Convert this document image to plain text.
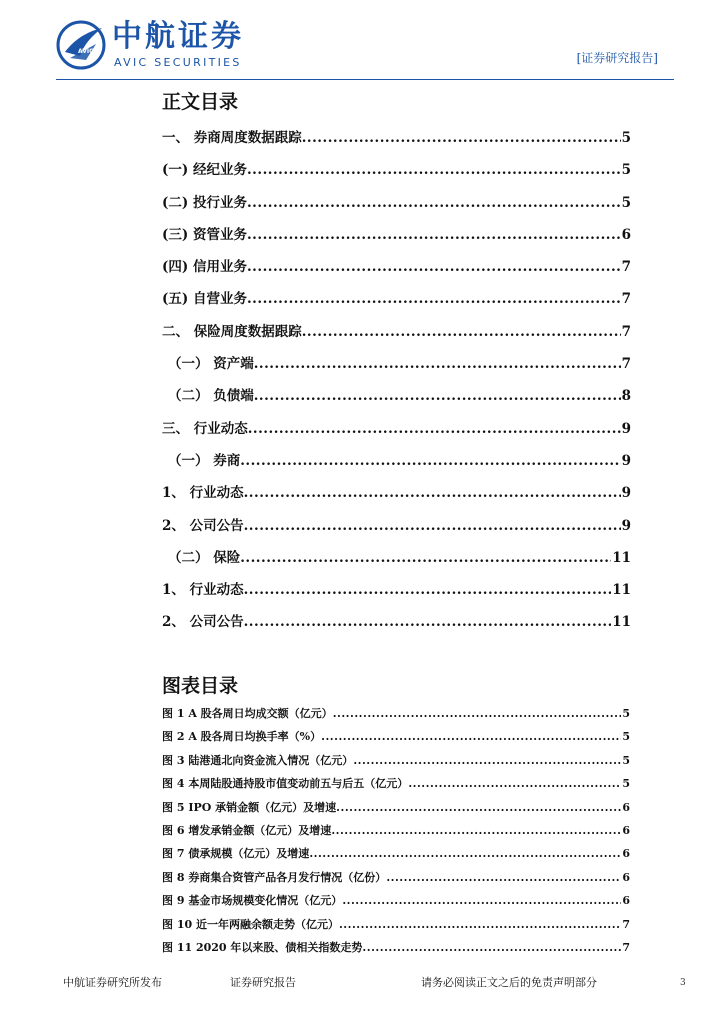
AVIC 中航证券
AVIC SECURITIES	[证券研究报告]
正文目录
一、 券商周度数据跟踪 .....	5
(一) 经纪业务 .....	5
(二) 投行业务 .....	5
(三) 资管业务 .....	6
(四) 信用业务 .....	7
(五) 自营业务 .....	7
二、 保险周度数据跟踪 .....	7
（一） 资产端 .....	7
（二） 负债端 .....	8
三、 行业动态 .....	9
（一） 券商 .....	9
1、 行业动态 .....	9
2、 公司公告 .....	9
（二） 保险 .....	11
1、 行业动态 .....	11
2、 公司公告 .....	11
图表目录
图 1 A 股各周日均成交额（亿元） .....	5
图 2 A 股各周日均换手率（%） .....	5
图 3 陆港通北向资金流入情况（亿元） .....	5
图 4 本周陆股通持股市值变动前五与后五（亿元） .....	5
图 5 IPO 承销金额（亿元）及增速 .....	6
图 6 增发承销金额（亿元）及增速 .....	6
图 7 债承规模（亿元）及增速 .....	6
图 8 券商集合资管产品各月发行情况（亿份） .....	6
图 9 基金市场规模变化情况（亿元） .....	6
图 10 近一年两融余额走势（亿元） .....	7
图 11 2020 年以来股、债相关指数走势 .....	7
中航证券研究所发布	证券研究报告	请务必阅读正文之后的免责声明部分	3
